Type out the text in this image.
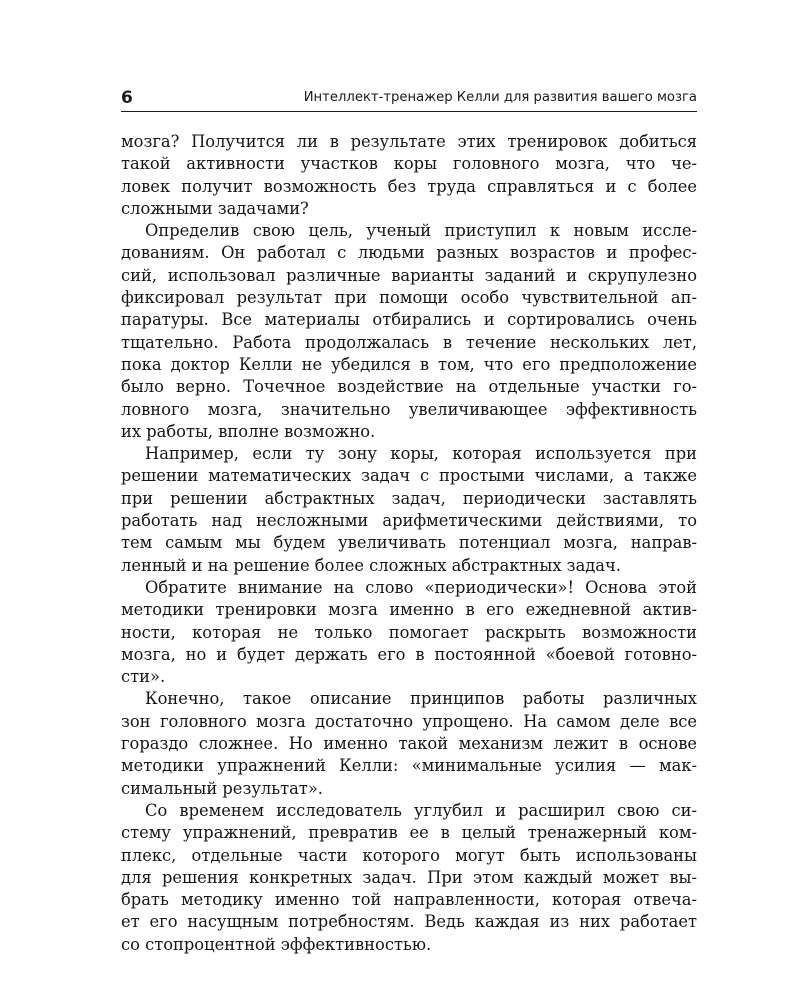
6	Интеллект-тренажер Келли для развития вашего мозга

мозга? Получится ли в результате этих тренировок добиться
такой активности участков коры головного мозга, что че-
ловек получит возможность без труда справляться и с более
сложными задачами?

Определив свою цель, ученый приступил к новым иссле-
дованиям. Он работал с людьми разных возрастов и профес-
сий, использовал различные варианты заданий и скрупулезно
фиксировал результат при помощи особо чувствительной ап-
паратуры. Все материалы отбирались и сортировались очень
тщательно. Работа продолжалась в течение нескольких лет,
пока доктор Келли не убедился в том, что его предположение
было верно. Точечное воздействие на отдельные участки го-
ловного мозга, значительно увеличивающее эффективность
их работы, вполне возможно.

Например, если ту зону коры, которая используется при
решении математических задач с простыми числами, а также
при решении абстрактных задач, периодически заставлять
работать над несложными арифметическими действиями, то
тем самым мы будем увеличивать потенциал мозга, направ-
ленный и на решение более сложных абстрактных задач.

Обратите внимание на слово «периодически»! Основа этой
методики тренировки мозга именно в его ежедневной актив-
ности, которая не только помогает раскрыть возможности
мозга, но и будет держать его в постоянной «боевой готовно-
сти».

Конечно, такое описание принципов работы различных
зон головного мозга достаточно упрощено. На самом деле все
гораздо сложнее. Но именно такой механизм лежит в основе
методики упражнений Келли: «минимальные усилия — мак-
симальный результат».

Со временем исследователь углубил и расширил свою си-
стему упражнений, превратив ее в целый тренажерный ком-
плекс, отдельные части которого могут быть использованы
для решения конкретных задач. При этом каждый может вы-
брать методику именно той направленности, которая отвеча-
ет его насущным потребностям. Ведь каждая из них работает
со стопроцентной эффективностью.
